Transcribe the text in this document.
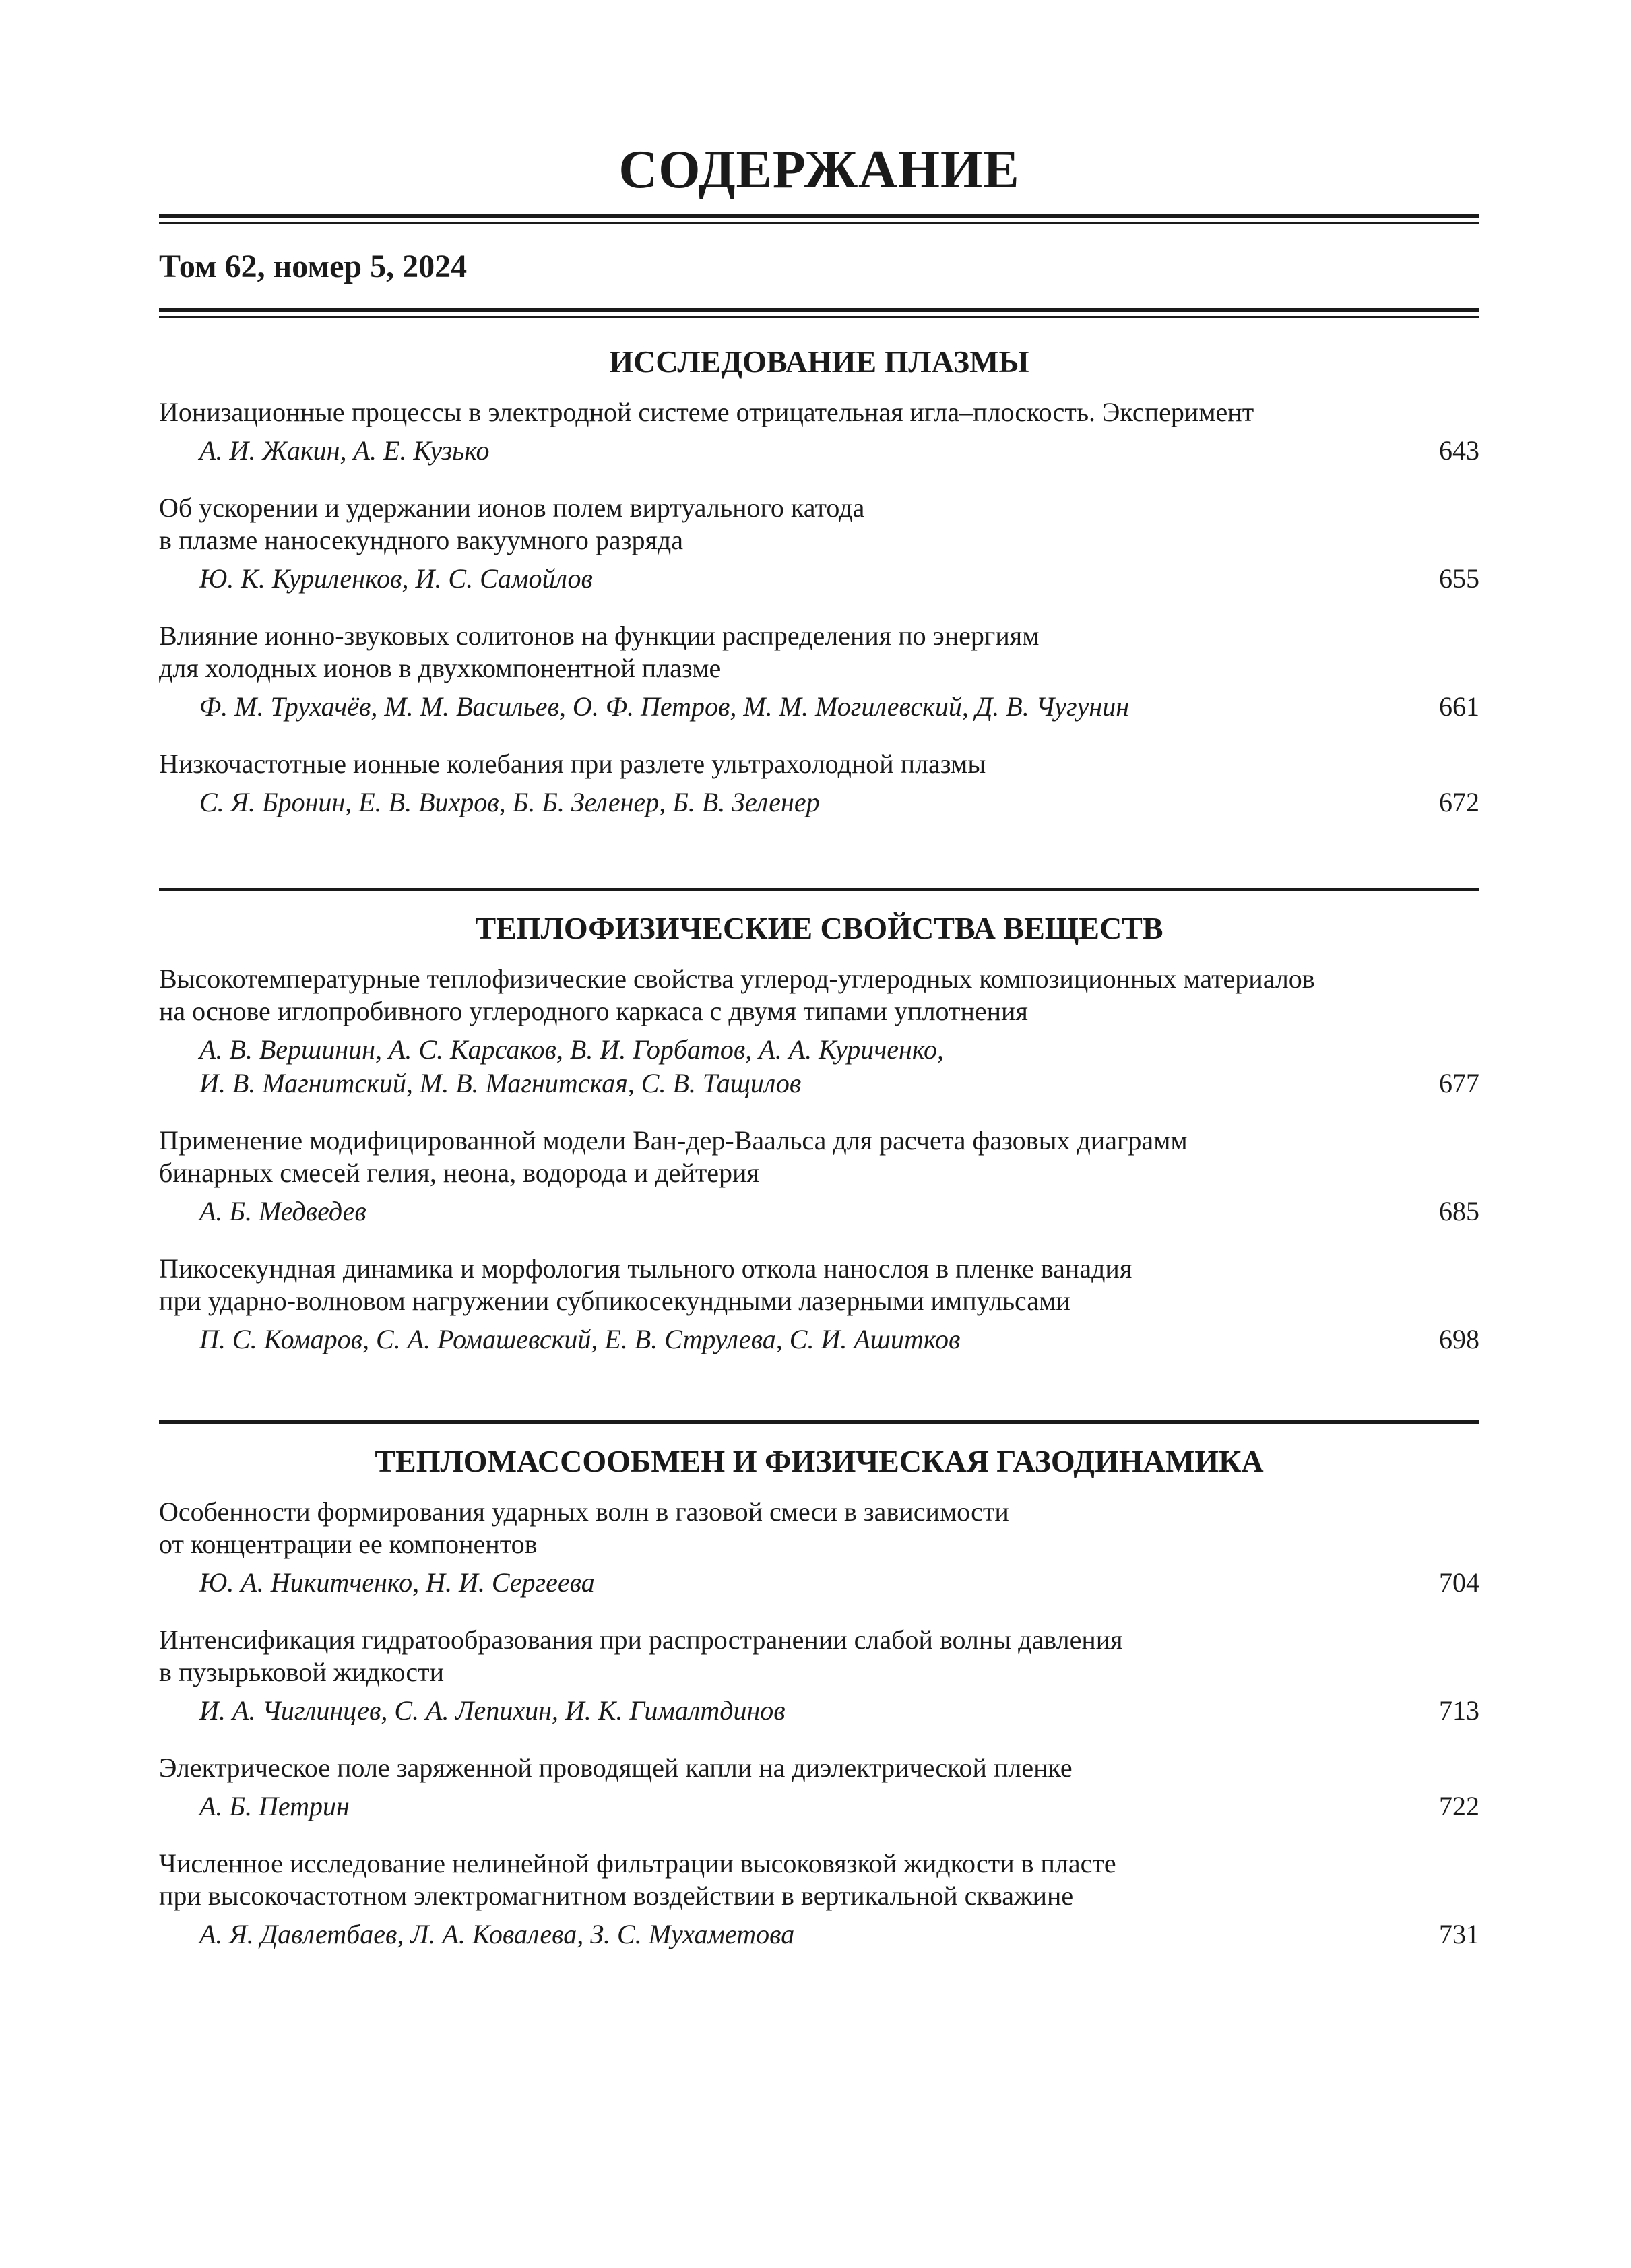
СОДЕРЖАНИЕ
Том 62, номер 5, 2024
ИССЛЕДОВАНИЕ ПЛАЗМЫ
Ионизационные процессы в электродной системе отрицательная игла–плоскость. Эксперимент
А. И. Жакин, А. Е. Кузько	643
Об ускорении и удержании ионов полем виртуального катода
в плазме наносекундного вакуумного разряда
Ю. К. Куриленков, И. С. Самойлов	655
Влияние ионно-звуковых солитонов на функции распределения по энергиям
для холодных ионов в двухкомпонентной плазме
Ф. М. Трухачёв, М. М. Васильев, О. Ф. Петров, М. М. Могилевский, Д. В. Чугунин	661
Низкочастотные ионные колебания при разлете ультрахолодной плазмы
С. Я. Бронин, Е. В. Вихров, Б. Б. Зеленер, Б. В. Зеленер	672
ТЕПЛОФИЗИЧЕСКИЕ СВОЙСТВА ВЕЩЕСТВ
Высокотемпературные теплофизические свойства углерод-углеродных композиционных материалов
на основе иглопробивного углеродного каркаса с двумя типами уплотнения
А. В. Вершинин, А. С. Карсаков, В. И. Горбатов, А. А. Куриченко,
И. В. Магнитский, М. В. Магнитская, С. В. Тащилов	677
Применение модифицированной модели Ван-дер-Ваальса для расчета фазовых диаграмм
бинарных смесей гелия, неона, водорода и дейтерия
А. Б. Медведев	685
Пикосекундная динамика и морфология тыльного откола нанослоя в пленке ванадия
при ударно-волновом нагружении субпикосекундными лазерными импульсами
П. С. Комаров, С. А. Ромашевский, Е. В. Струлева, С. И. Ашитков	698
ТЕПЛОМАССООБМЕН И ФИЗИЧЕСКАЯ ГАЗОДИНАМИКА
Особенности формирования ударных волн в газовой смеси в зависимости
от концентрации ее компонентов
Ю. А. Никитченко, Н. И. Сергеева	704
Интенсификация гидратообразования при распространении слабой волны давления
в пузырьковой жидкости
И. А. Чиглинцев, С. А. Лепихин, И. К. Гималтдинов	713
Электрическое поле заряженной проводящей капли на диэлектрической пленке
А. Б. Петрин	722
Численное исследование нелинейной фильтрации высоковязкой жидкости в пласте
при высокочастотном электромагнитном воздействии в вертикальной скважине
А. Я. Давлетбаев, Л. А. Ковалева, З. С. Мухаметова	731
